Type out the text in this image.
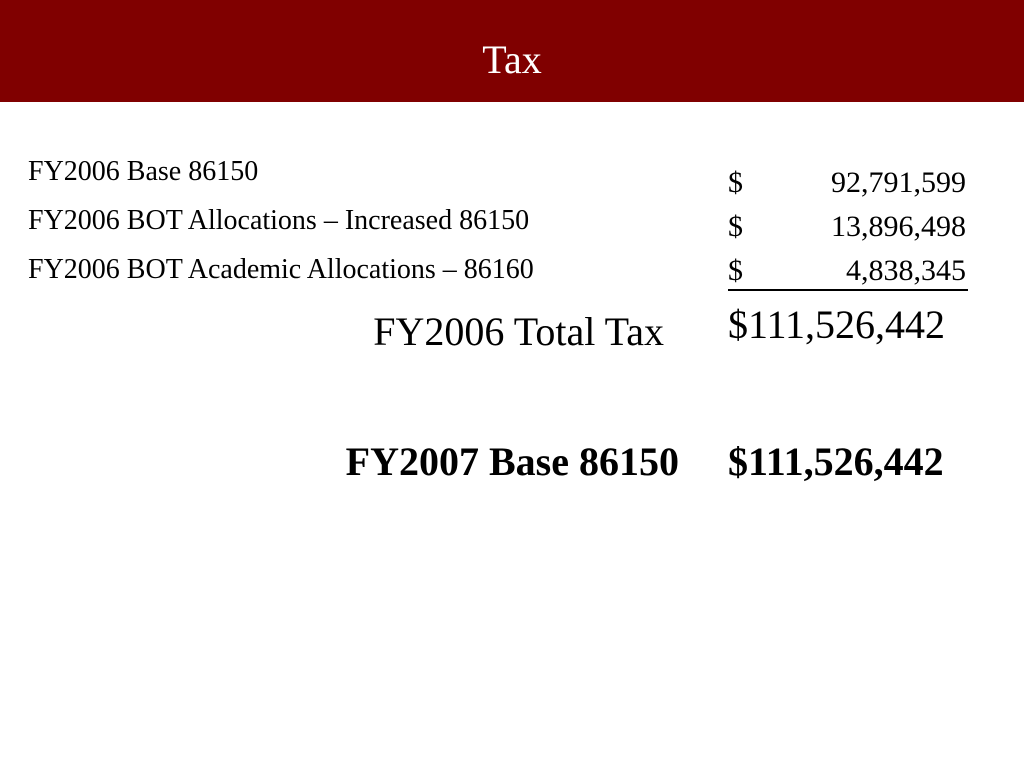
Tax
FY2006 Base 86150	$	92,791,599
FY2006 BOT Allocations – Increased 86150	$	13,896,498
FY2006 BOT Academic Allocations – 86160	$	4,838,345
FY2006 Total Tax $111,526,442
FY2007 Base 86150 $111,526,442
